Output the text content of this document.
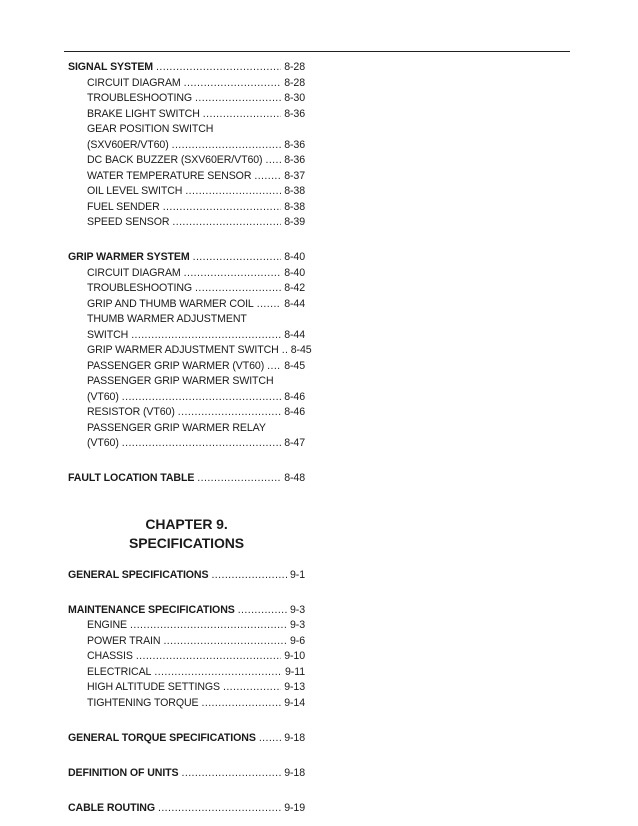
SIGNAL SYSTEM .....	8-28
CIRCUIT DIAGRAM .....	8-28
TROUBLESHOOTING .....	8-30
BRAKE LIGHT SWITCH .....	8-36
GEAR POSITION SWITCH
(SXV60ER/VT60) .....	8-36
DC BACK BUZZER (SXV60ER/VT60) ..... 8-36
WATER TEMPERATURE SENSOR .....	8-37
OIL LEVEL SWITCH .....	8-38
FUEL SENDER .....	8-38
SPEED SENSOR .....	8-39
GRIP WARMER SYSTEM .....	8-40
CIRCUIT DIAGRAM .....	8-40
TROUBLESHOOTING .....	8-42
GRIP AND THUMB WARMER COIL .....	8-44
THUMB WARMER ADJUSTMENT
SWITCH .....	8-44
GRIP WARMER ADJUSTMENT SWITCH ..... 8-45
PASSENGER GRIP WARMER (VT60) ..... 8-45
PASSENGER GRIP WARMER SWITCH
(VT60) .....	8-46
RESISTOR (VT60) .....	8-46
PASSENGER GRIP WARMER RELAY
(VT60) .....	8-47
FAULT LOCATION TABLE .....	8-48
CHAPTER 9.
SPECIFICATIONS
GENERAL SPECIFICATIONS .....	9-1
MAINTENANCE SPECIFICATIONS .....	9-3
ENGINE .....	9-3
POWER TRAIN .....	9-6
CHASSIS .....	9-10
ELECTRICAL .....	9-11
HIGH ALTITUDE SETTINGS .....	9-13
TIGHTENING TORQUE .....	9-14
GENERAL TORQUE SPECIFICATIONS .....	9-18
DEFINITION OF UNITS .....	9-18
CABLE ROUTING .....	9-19
